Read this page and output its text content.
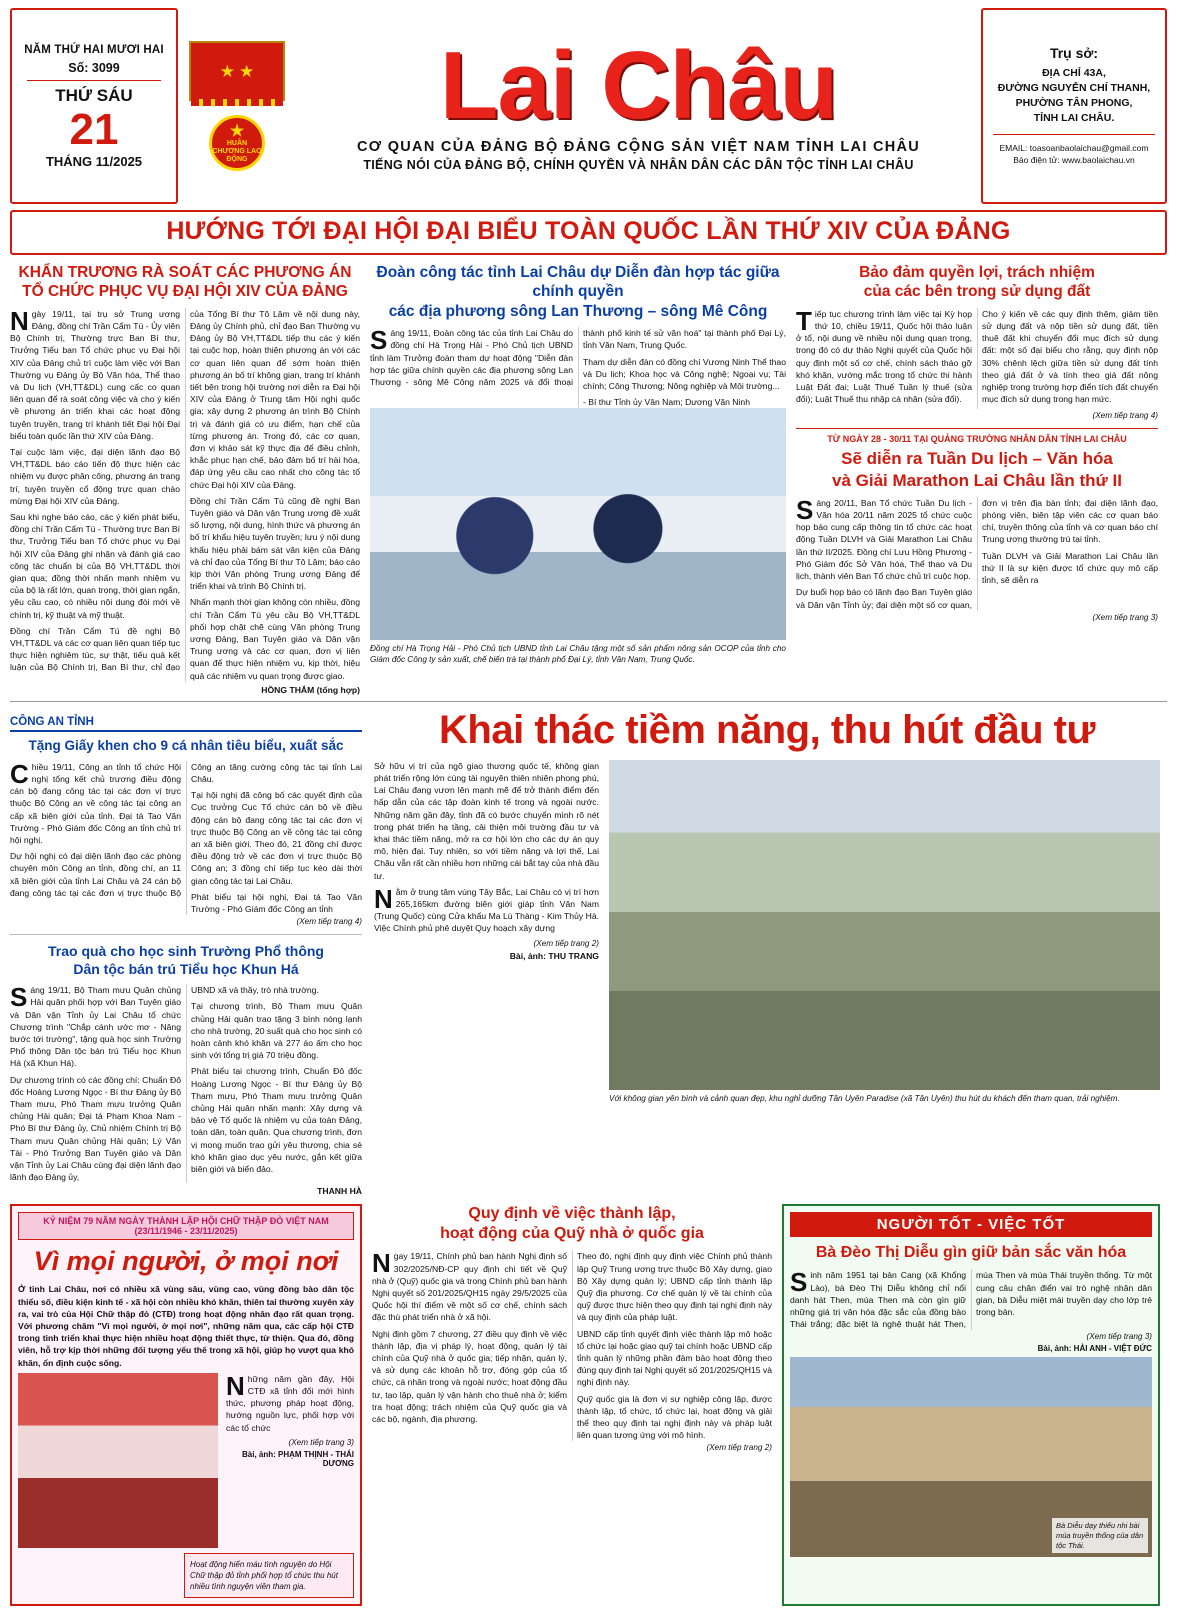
NĂM THỨ HAI MƯƠI HAI
Số: 3099
THỨ SÁU
21
THÁNG 11/2025
★ ★
★
HUÂN CHƯƠNG LAO ĐỘNG
Lai Châu
CƠ QUAN CỦA ĐẢNG BỘ ĐẢNG CỘNG SẢN VIỆT NAM TỈNH LAI CHÂU
TIẾNG NÓI CỦA ĐẢNG BỘ, CHÍNH QUYỀN VÀ NHÂN DÂN CÁC DÂN TỘC TỈNH LAI CHÂU
Trụ sở:
ĐỊA CHỈ 43A,
ĐƯỜNG NGUYỄN CHÍ THANH,
PHƯỜNG TÂN PHONG,
TỈNH LAI CHÂU.
EMAIL: toasoanbaolaichau@gmail.com
Báo điện tử: www.baolaichau.vn
HƯỚNG TỚI ĐẠI HỘI ĐẠI BIỂU TOÀN QUỐC LẦN THỨ XIV CỦA ĐẢNG
KHẨN TRƯƠNG RÀ SOÁT CÁC PHƯƠNG ÁN
TỔ CHỨC PHỤC VỤ ĐẠI HỘI XIV CỦA ĐẢNG

Ngày 19/11, tại trụ sở Trung ương Đảng, đồng chí Trần Cẩm Tú - Ủy viên Bộ Chính trị, Thường trực Ban Bí thư, Trưởng Tiểu ban Tổ chức phục vụ Đại hội XIV của Đảng chủ trì cuộc làm việc với Ban Thường vụ Đảng ủy Bộ Văn hóa, Thể thao và Du lịch (VH,TT&DL) cung cấc co quan liên quan để rà soát công việc và cho ý kiến về phương án triển khai các hoạt động tuyên truyền, trang trí khánh tiết Đại hội Đại biểu toàn quốc lần thứ XIV của Đảng.

Tại cuộc làm việc, đại diện lãnh đạo Bộ VH,TT&DL báo cáo tiến độ thực hiện các nhiệm vụ được phân công, phương án trang trí, tuyên truyền cổ động trực quan chào mừng Đại hội XIV của Đảng.

Sau khi nghe báo cáo, các ý kiến phát biểu, đồng chí Trần Cẩm Tú - Thường trực Ban Bí thư, Trưởng Tiểu ban Tổ chức phục vụ Đại hội XIV của Đảng ghi nhận và đánh giá cao công tác chuẩn bị của Bộ VH,TT&DL thời gian qua; đồng thời nhấn mạnh nhiệm vụ của bộ là rất lớn, quan trọng, thời gian ngắn, yêu cầu cao, có nhiều nội dung đòi mới về chính trị, kỹ thuật và mỹ thuật.

Đồng chí Trần Cẩm Tú đề nghị Bộ VH,TT&DL và các cơ quan liên quan tiếp tục thực hiện nghiêm túc, sự thật, tiếu quả kết luận của Bộ Chính trị, Ban Bí thư, chỉ đạo của Tổng Bí thư Tô Lâm về nội dung này, Đảng ủy Chính phủ, chỉ đạo Ban Thường vụ Đảng ủy Bộ VH,TT&DL tiếp thu các ý kiến tại cuộc họp, hoàn thiện phương án với các cơ quan liên quan để sớm hoàn thiện phương án bố trí không gian, trang trí khánh tiết bên trong hội trường nơi diễn ra Đại hội XIV của Đảng ở Trung tâm Hội nghị quốc gia; xây dựng 2 phương án trình Bộ Chính trị và đánh giá có ưu điểm, hạn chế của từng phương án. Trong đó, các cơ quan, đơn vị khảo sát kỹ thực địa để điều chỉnh, khắc phục hạn chế, bảo đảm bố trí hài hòa, đáp ứng yêu cầu cao nhất cho công tác tổ chức Đại hội XIV của Đảng.

Đồng chí Trần Cẩm Tú cũng đề nghị Ban Tuyên giáo và Dân vận Trung ương đề xuất số lượng, nội dung, hình thức và phương án bố trí khẩu hiệu tuyên truyền; lưu ý nội dung khẩu hiệu phải bám sát văn kiện của Đảng và chỉ đạo của Tổng Bí thư Tô Lâm; báo cáo kịp thời Văn phòng Trung ương Đảng để triển khai và trình Bộ Chính trị.

Nhấn mạnh thời gian không còn nhiều, đồng chí Trần Cẩm Tú yêu cầu Bộ VH,TT&DL phối hợp chặt chẽ cùng Văn phòng Trung ương Đảng, Ban Tuyên giáo và Dân vận Trung ương và các cơ quan, đơn vị liên quan để thực hiện nhiệm vụ, kịp thời, hiệu quả các nhiệm vụ quan trọng được giao.

HỒNG THẮM (tổng hợp)
Đoàn công tác tỉnh Lai Châu dự Diễn đàn hợp tác giữa chính quyền
các địa phương sông Lan Thương – sông Mê Công

Sáng 19/11, Đoàn công tác của tỉnh Lai Châu do đồng chí Hà Trọng Hải - Phó Chủ tịch UBND tỉnh làm Trưởng đoàn tham dự hoạt động "Diễn đàn hợp tác giữa chính quyền các địa phương sông Lan Thương - sông Mê Công năm 2025 và đổi thoại thành phố kinh tế sử văn hoá" tại thành phố Đại Lý, tỉnh Vân Nam, Trung Quốc.

Tham dự diễn đàn có đồng chí Vương Ninh Thể thao và Du lịch; Khoa học và Công nghệ; Ngoại vụ; Tài chính; Công Thương; Nông nghiệp và Môi trường...

- Bí thư Tỉnh ủy Vân Nam; Dương Văn Ninh

Đồng chí Hà Trọng Hải - Phó Chủ tịch UBND tỉnh Lai Châu tặng một số sản phẩm nông sản OCOP của tỉnh cho Giám đốc Công ty sản xuất, chế biến trà tại thành phố Đại Lý, tỉnh Vân Nam, Trung Quốc.
Bảo đảm quyền lợi, trách nhiệm
của các bên trong sử dụng đất

Tiếp tục chương trình làm việc tại Kỳ họp thứ 10, chiều 19/11, Quốc hội thảo luận ở tổ, nội dung về nhiều nội dung quan trọng, trong đó có dự thảo Nghị quyết của Quốc hội quy định một số cơ chế, chính sách tháo gỡ khó khăn, vướng mắc trong tổ chức thi hành Luật Đất đai; Luật Thuế Tuần lý thuế (sửa đổi); Luật Thuế thu nhập cá nhân (sửa đổi).

Cho ý kiến về các quy định thêm, giảm tiền sử dụng đất và nộp tiền sử dụng đất, tiền thuê đất khi chuyển đổi mục đích sử dụng đất: một số đại biểu cho rằng, quy định nộp 30% chênh lệch giữa tiền sử dụng đất tính theo giá đất ở và tính theo giá đất nông nghiệp trong trường hợp điển tích đất chuyển mục đích sử dụng trong hạn mức.

(Xem tiếp trang 4)
TỪ NGÀY 28 - 30/11 TẠI QUẢNG TRƯỜNG NHÂN DÂN TỈNH LAI CHÂU
Sẽ diễn ra Tuần Du lịch – Văn hóa
và Giải Marathon Lai Châu lần thứ II

Sáng 20/11, Ban Tổ chức Tuần Du lịch - Văn hóa 20/11 năm 2025 tổ chức cuộc họp báo cung cấp thông tin tổ chức các hoạt động Tuần DLVH và Giải Marathon Lai Châu lần thứ II/2025. Đồng chí Lưu Hồng Phương - Phó Giám đốc Sở Văn hóa, Thể thao và Du lịch, thành viên Ban Tổ chức chủ trì cuộc họp.

Dự buổi họp báo có lãnh đạo Ban Tuyên giáo và Dân vận Tỉnh ủy; đại diện một số cơ quan, đơn vị trên địa bàn tỉnh; đại diện lãnh đạo, phóng viên, biên tập viên các cơ quan báo chí, truyền thông của tỉnh và cơ quan báo chí Trung ương thường trú tại tỉnh.

Tuần DLVH và Giải Marathon Lai Châu lần thứ II là sự kiện được tổ chức quy mô cấp tỉnh, sẽ diễn ra

(Xem tiếp trang 3)
CÔNG AN TỈNH
Tặng Giấy khen cho 9 cá nhân tiêu biểu, xuất sắc

Chiều 19/11, Công an tỉnh tổ chức Hội nghị tổng kết chủ trương điều động cán bộ đang công tác tại các đơn vị trực thuộc Bộ Công an về công tác tại công an cấp xã biên giới của tỉnh. Đại tá Tao Văn Trường - Phó Giám đốc Công an tỉnh chủ trì hội nghị.

Dự hội nghị có đại diện lãnh đạo các phòng chuyên môn Công an tỉnh, đồng chí, an 11 xã biên giới của tỉnh Lai Châu và 24 cán bộ đang công tác tại các đơn vị trực thuộc Bộ Công an tăng cường công tác tại tỉnh Lai Châu.

Tại hội nghị đã công bố các quyết định của Cục trưởng Cục Tổ chức cán bộ về điều động cán bộ đang công tác tại các đơn vị trực thuộc Bộ Công an về công tác tại công an xã biên giới. Theo đó, 21 đồng chí được điều động trở về các đơn vị trực thuộc Bộ Công an; 3 đồng chí tiếp tục kéo dài thời gian công tác tại Lai Châu.

Phát biểu tại hội nghị, Đại tá Tao Văn Trường - Phó Giám đốc Công an tỉnh

(Xem tiếp trang 4)
Trao quà cho học sinh Trường Phổ thông
Dân tộc bán trú Tiểu học Khun Há

Sáng 19/11, Bộ Tham mưu Quân chủng Hải quân phối hợp với Ban Tuyên giáo và Dân vận Tỉnh ủy Lai Châu tổ chức Chương trình "Chắp cánh ước mơ - Nâng bước tới trường", tặng quà học sinh Trường Phổ thông Dân tộc bán trú Tiểu học Khun Há (xã Khun Há).

Dự chương trình có các đồng chí: Chuẩn Đô đốc Hoàng Lương Ngọc - Bí thư Đảng ủy Bộ Tham mưu, Phó Tham mưu trưởng Quân chủng Hải quân; Đại tá Phạm Khoa Nam - Phó Bí thư Đảng ủy, Chủ nhiệm Chính trị Bộ Tham mưu Quân chủng Hải quân; Lý Văn Tài - Phó Trưởng Ban Tuyên giáo và Dân vận Tỉnh ủy Lai Châu cùng đại diện lãnh đạo lãnh đạo Đảng ủy,

UBND xã và thầy, trò nhà trường.

Tại chương trình, Bộ Tham mưu Quân chủng Hải quân trao tặng 3 bình nóng lạnh cho nhà trường, 20 suất quà cho học sinh có hoàn cảnh khó khăn và 277 áo ấm cho học sinh với tổng trị giá 70 triệu đồng.

Phát biểu tại chương trình, Chuẩn Đô đốc Hoàng Lương Ngọc - Bí thư Đảng ủy Bộ Tham mưu, Phó Tham mưu trưởng Quân chủng Hải quân nhấn mạnh: Xây dựng và bảo vệ Tổ quốc là nhiệm vụ của toàn Đảng, toàn dân, toàn quân. Qua chương trình, đơn vị mong muốn trao gửi yêu thương, chia sẻ khó khăn giao dục yêu nước, gắn kết giữa biên giới và biển đảo.

THANH HÀ
Khai thác tiềm năng, thu hút đầu tư

Sở hữu vị trí của ngõ giao thương quốc tế, không gian phát triển rộng lớn cùng tài nguyên thiên nhiên phong phú, Lai Châu đang vươn lên mạnh mẽ để trở thành điểm đến hấp dẫn của các tập đoàn kinh tế trong và ngoài nước. Những năm gần đây, tỉnh đã có bước chuyển mình rõ nét trong phát triển hạ tầng, cải thiện môi trường đầu tư và khai thác tiềm năng, mở ra cơ hội lớn cho các dự án quy mô, hiện đại. Tuy nhiên, so với tiềm năng và lợi thế, Lai Châu vẫn rất cần nhiều hơn những cái bắt tay của nhà đầu tư.

Nằm ở trung tâm vùng Tây Bắc, Lai Châu có vị trí hơn 265,165km đường biên giới giáp tỉnh Vân Nam (Trung Quốc) cùng Cửa khẩu Ma Lù Thàng - Kim Thủy Hà. Việc Chính phủ phê duyệt Quy hoạch xây dựng

(Xem tiếp trang 2)
Bài, ảnh: THU TRANG
Với không gian yên bình và cảnh quan đẹp, khu nghỉ dưỡng Tân Uyên Paradise (xã Tân Uyên) thu hút du khách đến tham quan, trải nghiệm.
KỶ NIỆM 79 NĂM NGÀY THÀNH LẬP HỘI CHỮ THẬP ĐỎ VIỆT NAM (23/11/1946 - 23/11/2025)
Vì mọi người, ở mọi nơi

Ở tỉnh Lai Châu, nơi có nhiều xã vùng sâu, vùng cao, vùng đồng bào dân tộc thiểu số, điều kiện kinh tế - xã hội còn nhiều khó khăn, thiên tai thường xuyên xảy ra, vai trò của Hội Chữ thập đỏ (CTĐ) trong hoạt động nhân đạo rất quan trọng. Với phương châm "Vì mọi người, ở mọi nơi", những năm qua, các cấp hội CTĐ trong tỉnh triển khai thực hiện nhiều hoạt động thiết thực, từ thiện. Qua đó, đồng viên, hỗ trợ kịp thời những đối tượng yếu thế trong xã hội, giúp họ vượt qua khó khăn, ổn định cuộc sống.

Những năm gần đây, Hội CTĐ xã tỉnh đổi mới hình thức, phương pháp hoạt động, hướng nguồn lực, phối hợp với các tổ chức

(Xem tiếp trang 3)
Bài, ảnh: PHẠM THỊNH - THÁI DƯƠNG
Hoạt động hiến máu tình nguyện do Hội Chữ thập đỏ tỉnh phối hợp tổ chức thu hút nhiều tình nguyện viên tham gia.
Quy định về việc thành lập,
hoạt động của Quỹ nhà ở quốc gia

Ngay 19/11, Chính phủ ban hành Nghị định số 302/2025/NĐ-CP quy định chi tiết về Quỹ nhà ở (Quỹ) quốc gia và trong Chính phủ ban hành Nghị quyết số 201/2025/QH15 ngày 29/5/2025 của Quốc hội thí điểm về một số cơ chế, chính sách đặc thù phát triển nhà ở xã hội.

Nghị định gồm 7 chương, 27 điều quy định về việc thành lập, địa vị pháp lý, hoạt động, quản lý tài chính của Quỹ nhà ở quốc gia; tiếp nhận, quản lý, và sử dụng các khoản hỗ trợ, đóng góp của tổ chức, cá nhân trong và ngoài nước; hoạt động đầu tư, tạo lập, quản lý vận hành cho thuê nhà ở; kiểm tra hoạt động; trách nhiệm của Quỹ quốc gia và các bộ, ngành, địa phương.

Theo đó, nghị định quy định việc Chính phủ thành lập Quỹ Trung ương trực thuộc Bộ Xây dựng, giao Bộ Xây dựng quản lý; UBND cấp tỉnh thành lập Quỹ địa phương. Cơ chế quản lý về tài chính của quỹ được thực hiện theo quy định tại nghị định này và quy định của pháp luật.

UBND cấp tỉnh quyết định việc thành lập mô hoặc tổ chức lại hoặc giao quỹ tại chính hoặc UBND cấp tỉnh quản lý những phần đảm bảo hoạt động theo đúng quy định tại Nghị quyết số 201/2025/QH15 và nghị định này.

Quỹ quốc gia là đơn vị sự nghiệp công lập, được thành lập, tổ chức, tổ chức lại, hoạt động và giải thể theo quy định tại nghị định này và pháp luật liên quan tương ứng với mô hình.

(Xem tiếp trang 2)
NGƯỜI TỐT - VIỆC TỐT
Bà Đèo Thị Diễu gìn giữ bản sắc văn hóa

Sinh năm 1951 tại bản Cang (xã Khổng Lào), bà Đèo Thị Diễu không chỉ nổi danh hát Then, múa Then mà còn gìn giữ những giá trị văn hóa đặc sắc của đồng bào Thái trắng; đặc biệt là nghệ thuật hát Then, múa Then và múa Thái truyền thống. Từ một cung câu chân điển vai trò nghệ nhân dân gian, bà Diễu miệt mài truyền dạy cho lớp trẻ trong bản.

(Xem tiếp trang 3)
Bài, ảnh: HẢI ANH - VIỆT ĐỨC
Bà Diễu dạy thiếu nhi bài múa truyền thống của dân tộc Thái.
